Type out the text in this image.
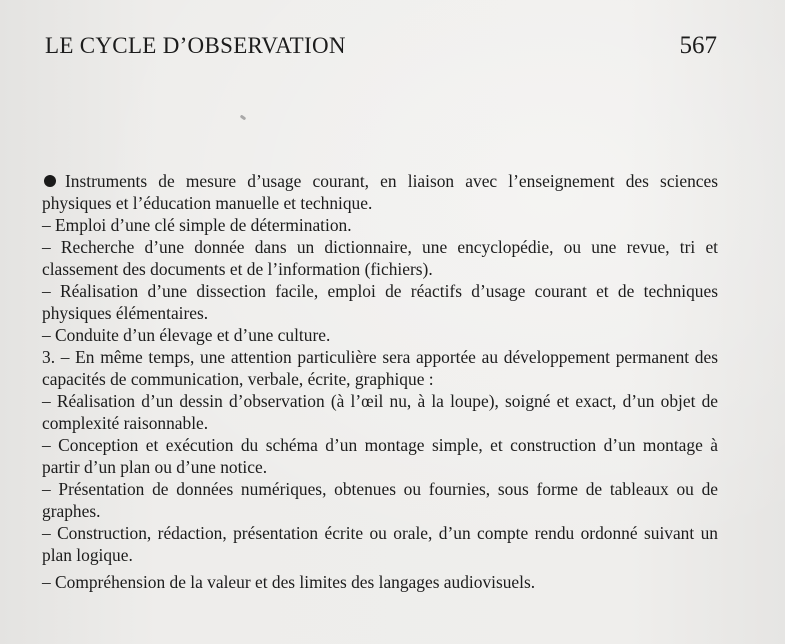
LE CYCLE D’OBSERVATION	567

Instruments de mesure d’usage courant, en liaison avec l’enseignement des sciences physiques et l’éducation manuelle et technique.

– Emploi d’une clé simple de détermination.

– Recherche d’une donnée dans un dictionnaire, une encyclopédie, ou une revue, tri et classement des documents et de l’information (fichiers).

– Réalisation d’une dissection facile, emploi de réactifs d’usage courant et de techniques physiques élémentaires.

– Conduite d’un élevage et d’une culture.

3. – En même temps, une attention particulière sera apportée au développement permanent des capacités de communication, verbale, écrite, graphique :

– Réalisation d’un dessin d’observation (à l’œil nu, à la loupe), soigné et exact, d’un objet de complexité raisonnable.

– Conception et exécution du schéma d’un montage simple, et construction d’un montage à partir d’un plan ou d’une notice.

– Présentation de données numériques, obtenues ou fournies, sous forme de tableaux ou de graphes.

– Construction, rédaction, présentation écrite ou orale, d’un compte rendu ordonné suivant un plan logique.

– Compréhension de la valeur et des limites des langages audiovisuels.
